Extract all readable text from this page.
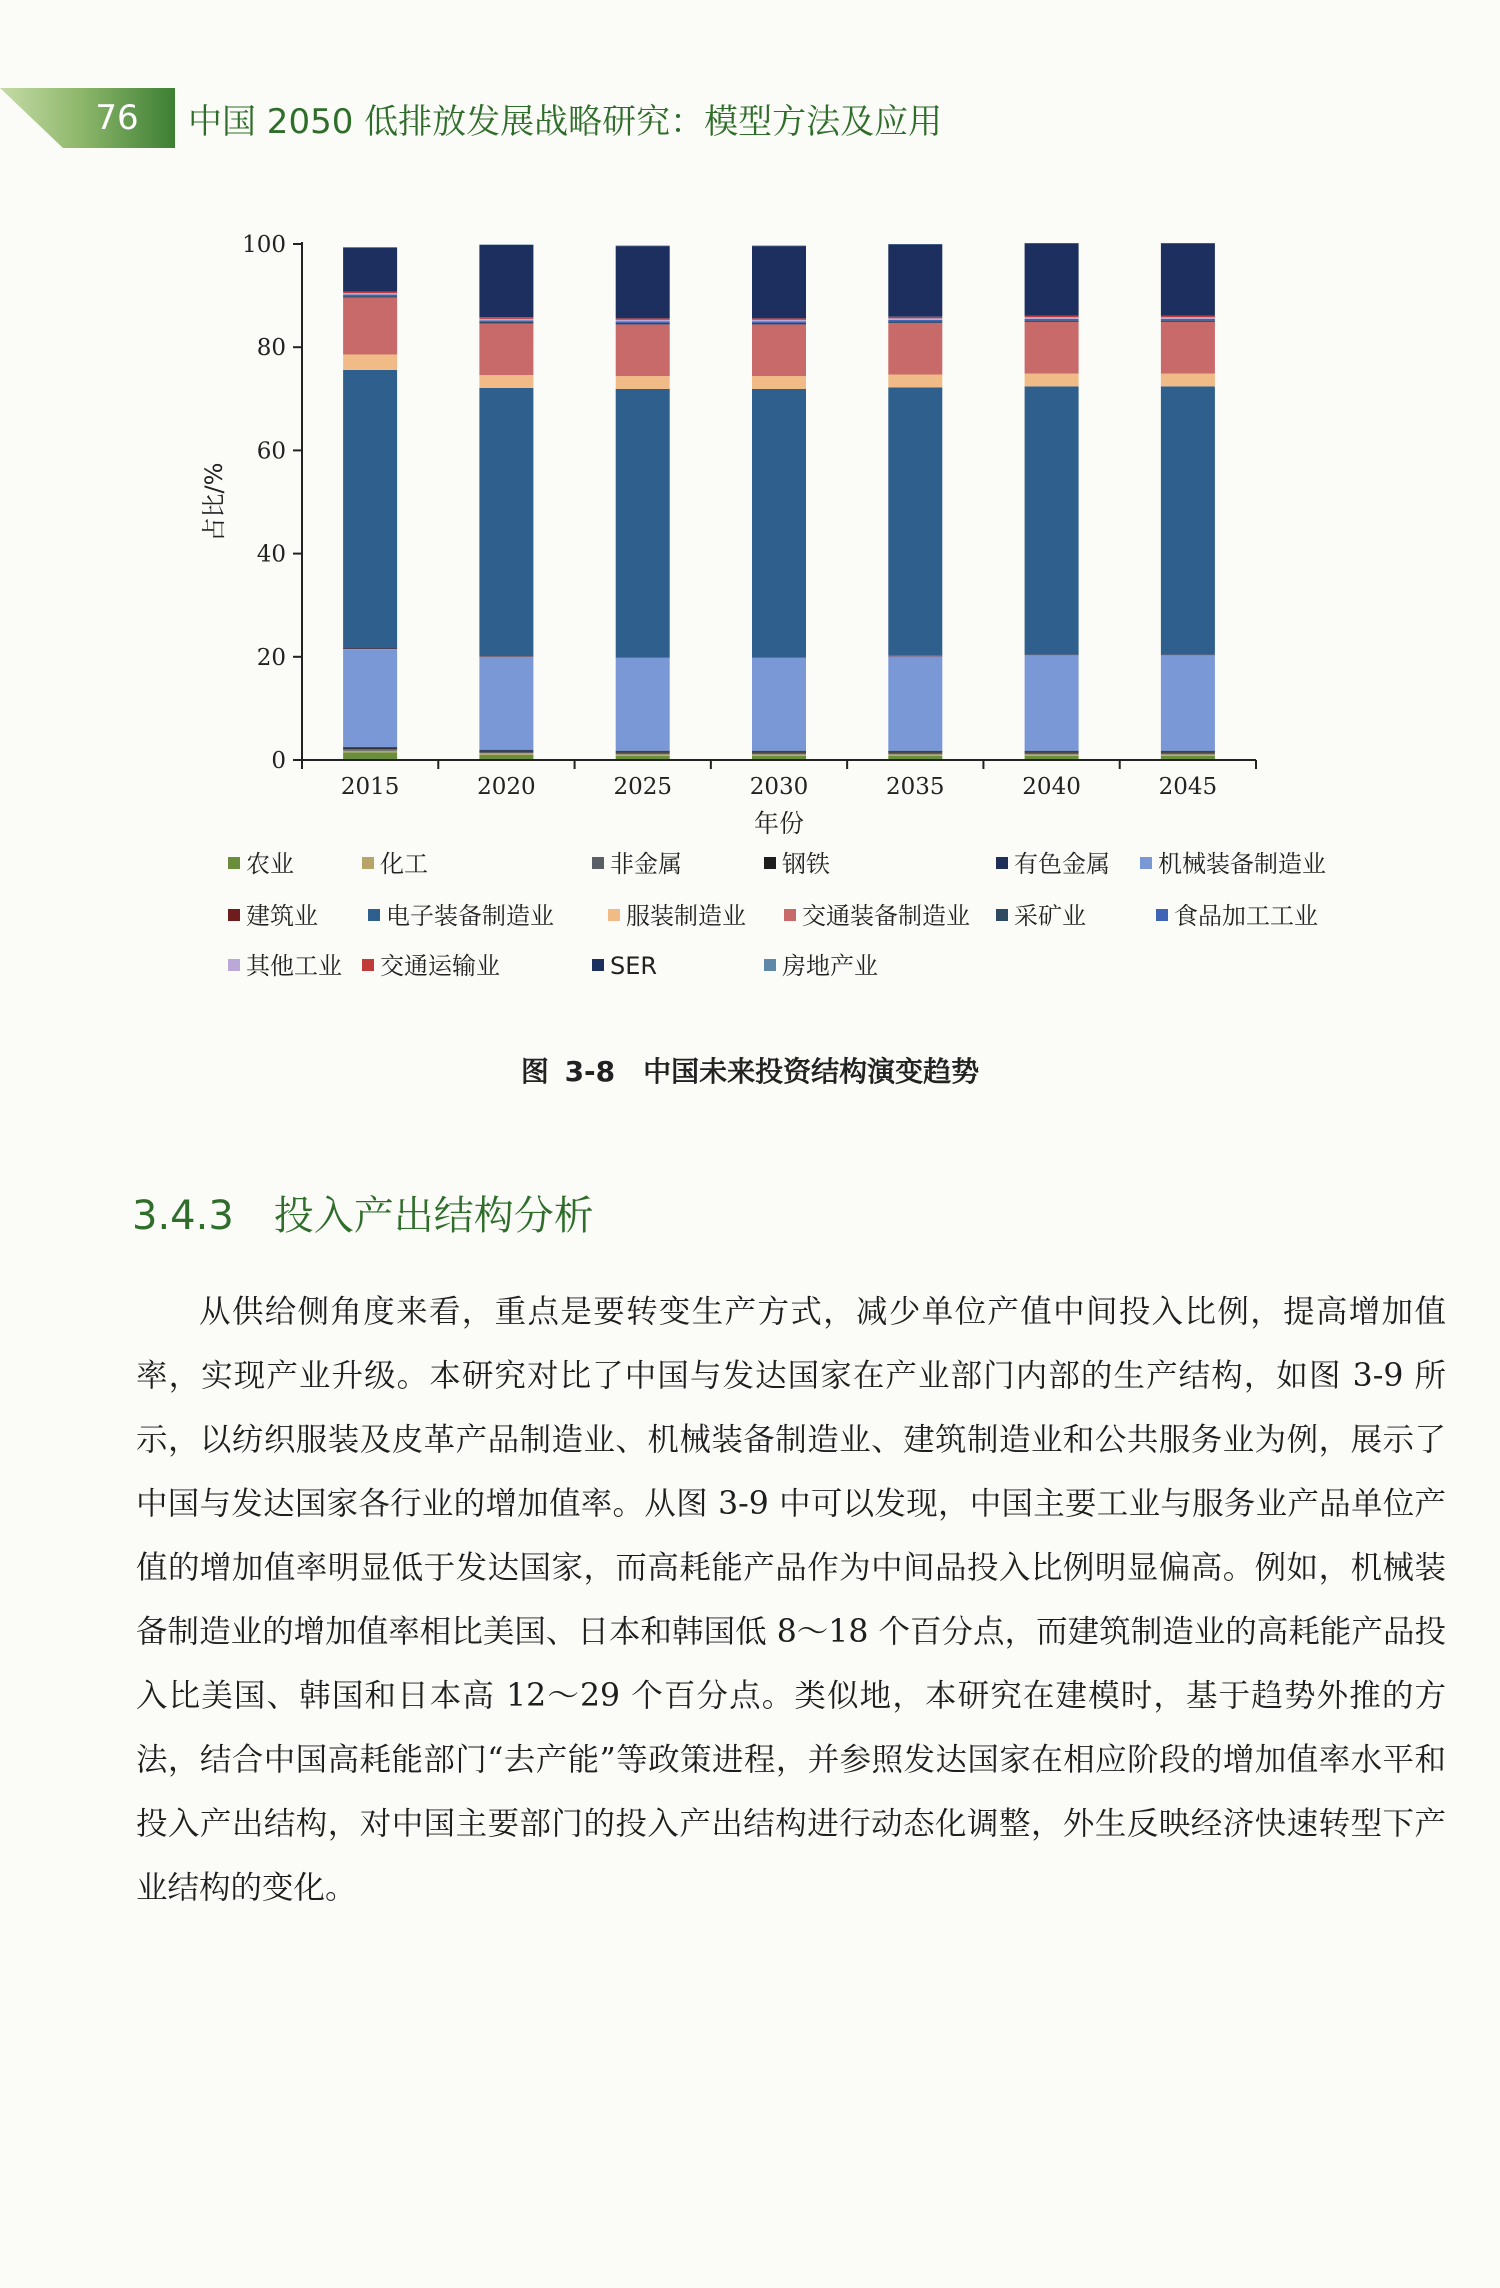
76	中国 2050 低排放发展战略研究：模型方法及应用
0
20
40
60
80
100
2015	2020	2025	2030	2035	2040	2045
年份
占比/%
农业	化工	非金属	钢铁	有色金属 机械装备制造业
建筑业	电子装备制造业	服装制造业 交通装备制造业 采矿业	食品加工工业
其他工业 交通运输业	SER	房地产业
图 3-8　中国未来投资结构演变趋势
3.4.3　投入产出结构分析

从供给侧角度来看，重点是要转变生产方式，减少单位产值中间投入比例，提高增加值率，实现产业升级。本研究对比了中国与发达国家在产业部门内部的生产结构，如图 3-9 所示，以纺织服装及皮革产品制造业、机械装备制造业、建筑制造业和公共服务业为例，展示了中国与发达国家各行业的增加值率。从图 3-9 中可以发现，中国主要工业与服务业产品单位产值的增加值率明显低于发达国家，而高耗能产品作为中间品投入比例明显偏高。例如，机械装备制造业的增加值率相比美国、日本和韩国低 8～18 个百分点，而建筑制造业的高耗能产品投入比美国、韩国和日本高 12～29 个百分点。类似地，本研究在建模时，基于趋势外推的方法，结合中国高耗能部门“去产能”等政策进程，并参照发达国家在相应阶段的增加值率水平和投入产出结构，对中国主要部门的投入产出结构进行动态化调整，外生反映经济快速转型下产业结构的变化。
